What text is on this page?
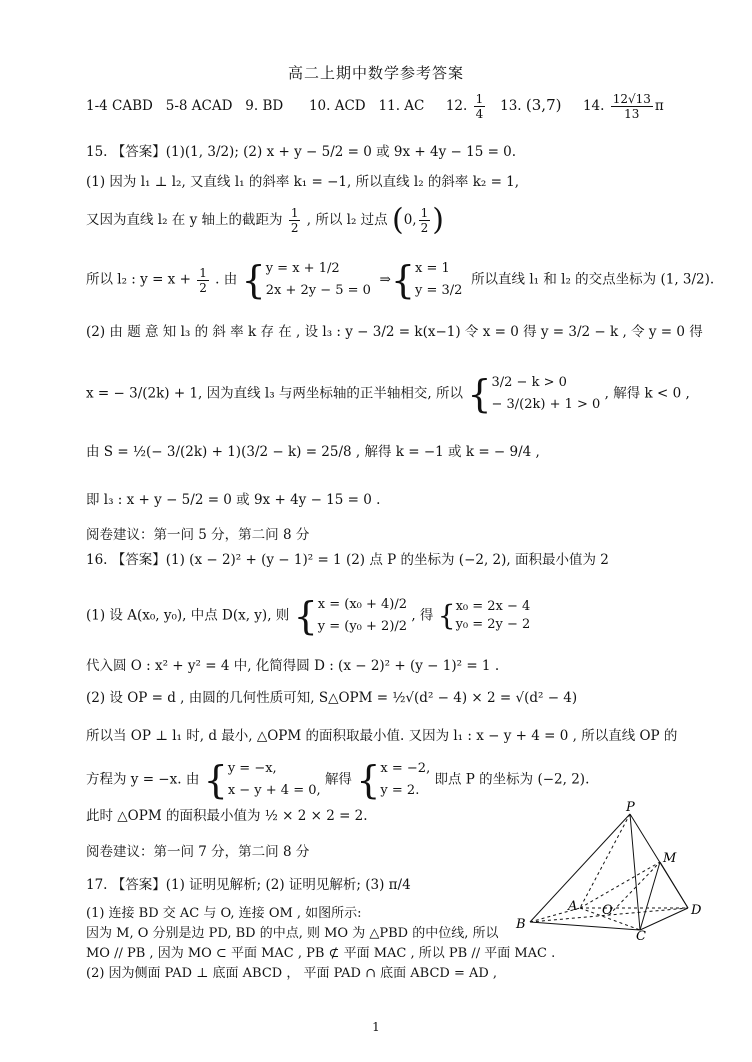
高二上期中数学参考答案
1-4 CABD 5-8 ACAD 9. BD 10. ACD 11. AC 12. $\frac{1}{4} 13$. (3,7) 14. $\frac{12√13}{13}$ π
15. 【答案】(1)(1, 3/2); (2) x + y − 5/2 = 0 或 9x + 4y − 15 = 0.
(1) 因为 l₁ ⊥ l₂, 又直线 l₁ 的斜率 k₁ = −1, 所以直线 l₂ 的斜率 k₂ = 1,
又因为直线 l₂ 在 y 轴上的截距为 $\frac{1}{2}$ , 所以 l₂ 过点 (0, $\frac{1}{2}$ )
所以 l₂ : $y = x + \frac{1}{2}$ . 由 { y = x + 1/2
2x + 2y − 5 = 0
⇒{ x = 1
y = 3/2
所以直线 l₁ 和 l₂ 的交点坐标为 (1, 3/2).
(2) 由 题 意 知 l₃ 的 斜 率 k 存 在 , 设 l₃ : y − 3/2 = k(x−1) 令 x = 0 得 y = 3/2 − k , 令 y = 0 得
x = − 3/(2k) + 1, 因为直线 l₃ 与两坐标轴的正半轴相交, 所以 { 3/2 − k > 0
− 3/(2k) + 1 > 0
, 解得 k < 0 ,
由 S = ½(− 3/(2k) + 1)(3/2 − k) = 25/8 , 解得 k = −1 或 k = − 9/4 ,
即 l₃ : x + y − 5/2 = 0 或 9x + 4y − 15 = 0 .
阅卷建议：第一问 5 分，第二问 8 分
16. 【答案】(1) (x − 2)² + (y − 1)² = 1 (2) 点 P 的坐标为 (−2, 2), 面积最小值为 2
(1) 设 A(x₀, y₀), 中点 D(x, y), 则 { x = (x₀ + 4)/2
y = (y₀ + 2)/2
, 得 { x₀ = 2x − 4
y₀ = 2y − 2
代入圆 O : x² + y² = 4 中, 化简得圆 D : (x − 2)² + (y − 1)² = 1 .
(2) 设 OP = d , 由圆的几何性质可知, S△OPM = ½√(d² − 4) × 2 = √(d² − 4)
所以当 OP ⊥ l₁ 时, d 最小, △OPM 的面积取最小值. 又因为 l₁ : x − y + 4 = 0 , 所以直线 OP 的
方程为 y = −x. 由 { y = −x,
x − y + 4 = 0,
解得 { x = −2,
y = 2.
即点 P 的坐标为 (−2, 2).
此时 △OPM 的面积最小值为 ½ × 2 × 2 = 2.
阅卷建议：第一问 7 分，第二问 8 分
17. 【答案】(1) 证明见解析; (2) 证明见解析; (3) π/4
(1) 连接 BD 交 AC 与 O, 连接 OM , 如图所示:
因为 M, O 分别是边 PD, BD 的中点, 则 MO 为 △PBD 的中位线, 所以
MO // PB , 因为 MO ⊂ 平面 MAC , PB ⊄ 平面 MAC , 所以 PB // 平面 MAC .
(2) 因为侧面 PAD ⊥ 底面 ABCD ， 平面 PAD ∩ 底面 ABCD = AD ,
P
M
A O
B
C
D
1
